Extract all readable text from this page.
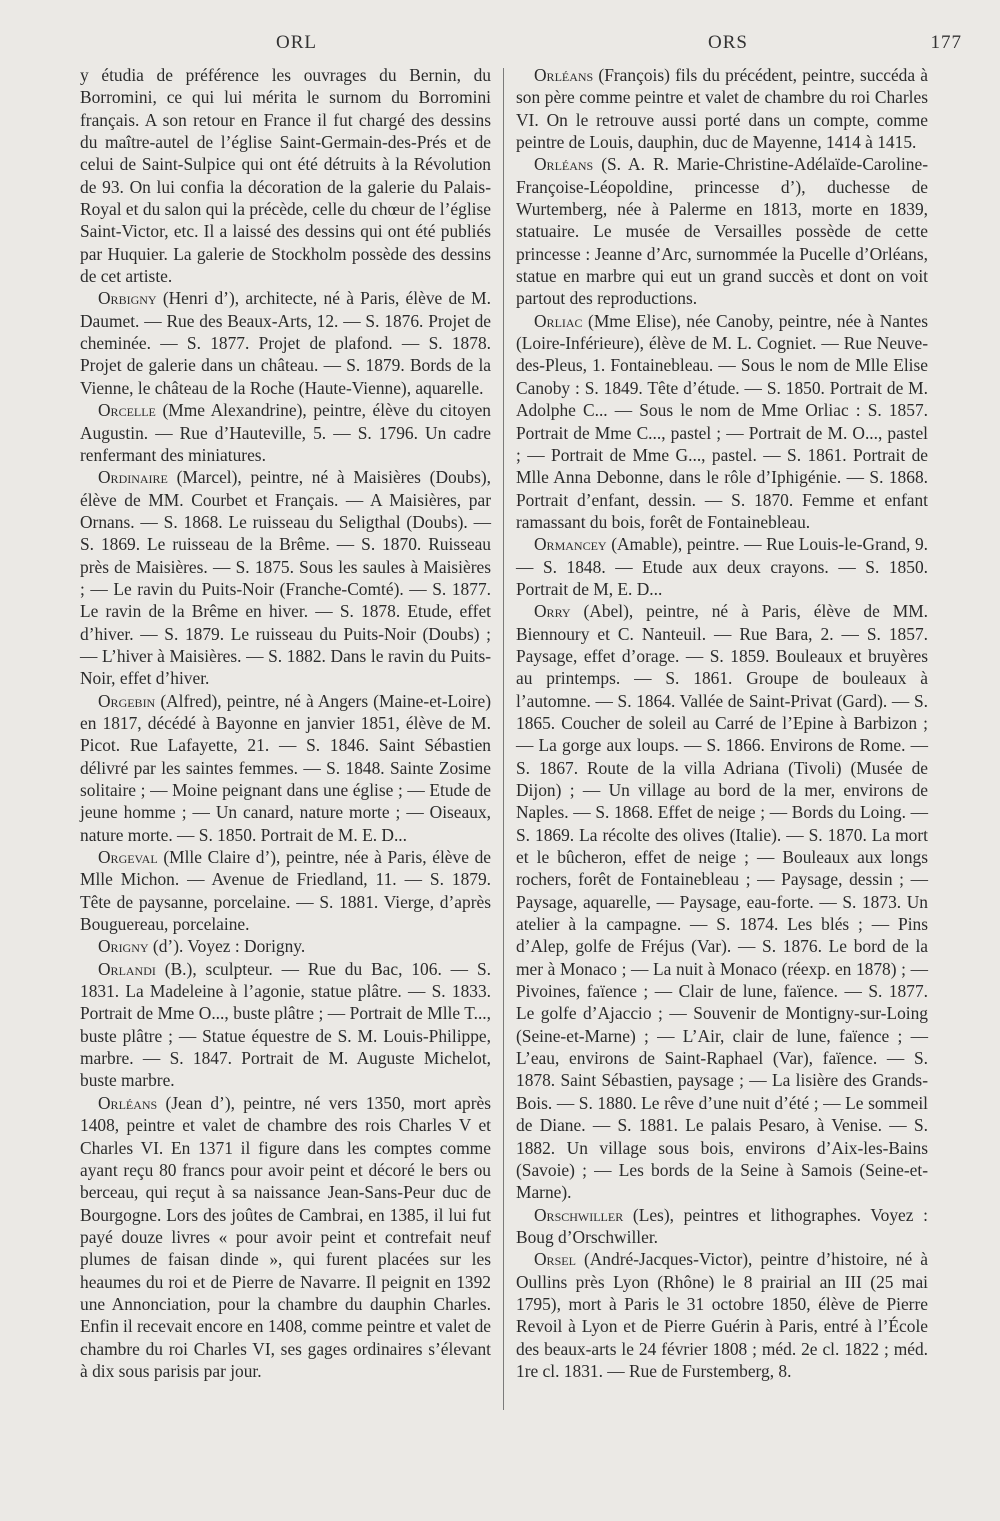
ORL	ORS	177

y étudia de préférence les ouvrages du Bernin, du Borromini, ce qui lui mérita le surnom du Borromini français. A son retour en France il fut chargé des dessins du maître-autel de l’église Saint-Germain-des-Prés et de celui de Saint-Sulpice qui ont été détruits à la Révolution de 93. On lui confia la décoration de la galerie du Palais-Royal et du salon qui la précède, celle du chœur de l’église Saint-Victor, etc. Il a laissé des dessins qui ont été publiés par Huquier. La galerie de Stockholm possède des dessins de cet artiste.

Orbigny (Henri d’), architecte, né à Paris, élève de M. Daumet. — Rue des Beaux-Arts, 12. — S. 1876. Projet de cheminée. — S. 1877. Projet de plafond. — S. 1878. Projet de galerie dans un château. — S. 1879. Bords de la Vienne, le château de la Roche (Haute-Vienne), aquarelle.

Orcelle (Mme Alexandrine), peintre, élève du citoyen Augustin. — Rue d’Hauteville, 5. — S. 1796. Un cadre renfermant des miniatures.

Ordinaire (Marcel), peintre, né à Maisières (Doubs), élève de MM. Courbet et Français. — A Maisières, par Ornans. — S. 1868. Le ruisseau du Seligthal (Doubs). — S. 1869. Le ruisseau de la Brême. — S. 1870. Ruisseau près de Maisières. — S. 1875. Sous les saules à Maisières ; — Le ravin du Puits-Noir (Franche-Comté). — S. 1877. Le ravin de la Brême en hiver. — S. 1878. Etude, effet d’hiver. — S. 1879. Le ruisseau du Puits-Noir (Doubs) ; — L’hiver à Maisières. — S. 1882. Dans le ravin du Puits-Noir, effet d’hiver.

Orgebin (Alfred), peintre, né à Angers (Maine-et-Loire) en 1817, décédé à Bayonne en janvier 1851, élève de M. Picot. Rue Lafayette, 21. — S. 1846. Saint Sébastien délivré par les saintes femmes. — S. 1848. Sainte Zosime solitaire ; — Moine peignant dans une église ; — Etude de jeune homme ; — Un canard, nature morte ; — Oiseaux, nature morte. — S. 1850. Portrait de M. E. D...

Orgeval (Mlle Claire d’), peintre, née à Paris, élève de Mlle Michon. — Avenue de Friedland, 11. — S. 1879. Tête de paysanne, porcelaine. — S. 1881. Vierge, d’après Bouguereau, porcelaine.

Origny (d’). Voyez : Dorigny.

Orlandi (B.), sculpteur. — Rue du Bac, 106. — S. 1831. La Madeleine à l’agonie, statue plâtre. — S. 1833. Portrait de Mme O..., buste plâtre ; — Portrait de Mlle T..., buste plâtre ; — Statue équestre de S. M. Louis-Philippe, marbre. — S. 1847. Portrait de M. Auguste Michelot, buste marbre.

Orléans (Jean d’), peintre, né vers 1350, mort après 1408, peintre et valet de chambre des rois Charles V et Charles VI. En 1371 il figure dans les comptes comme ayant reçu 80 francs pour avoir peint et décoré le bers ou berceau, qui reçut à sa naissance Jean-Sans-Peur duc de Bourgogne. Lors des joûtes de Cambrai, en 1385, il lui fut payé douze livres « pour avoir peint et contrefait neuf plumes de faisan dinde », qui furent placées sur les heaumes du roi et de Pierre de Navarre. Il peignit en 1392 une Annonciation, pour la chambre du dauphin Charles. Enfin il recevait encore en 1408, comme peintre et valet de chambre du roi Charles VI, ses gages ordinaires s’élevant à dix sous parisis par jour.

Orléans (François) fils du précédent, peintre, succéda à son père comme peintre et valet de chambre du roi Charles VI. On le retrouve aussi porté dans un compte, comme peintre de Louis, dauphin, duc de Mayenne, 1414 à 1415.

Orléans (S. A. R. Marie-Christine-Adélaïde-Caroline-Françoise-Léopoldine, princesse d’), duchesse de Wurtemberg, née à Palerme en 1813, morte en 1839, statuaire. Le musée de Versailles possède de cette princesse : Jeanne d’Arc, surnommée la Pucelle d’Orléans, statue en marbre qui eut un grand succès et dont on voit partout des reproductions.

Orliac (Mme Elise), née Canoby, peintre, née à Nantes (Loire-Inférieure), élève de M. L. Cogniet. — Rue Neuve-des-Pleus, 1. Fontainebleau. — Sous le nom de Mlle Elise Canoby : S. 1849. Tête d’étude. — S. 1850. Portrait de M. Adolphe C... — Sous le nom de Mme Orliac : S. 1857. Portrait de Mme C..., pastel ; — Portrait de M. O..., pastel ; — Portrait de Mme G..., pastel. — S. 1861. Portrait de Mlle Anna Debonne, dans le rôle d’Iphigénie. — S. 1868. Portrait d’enfant, dessin. — S. 1870. Femme et enfant ramassant du bois, forêt de Fontainebleau.

Ormancey (Amable), peintre. — Rue Louis-le-Grand, 9. — S. 1848. — Etude aux deux crayons. — S. 1850. Portrait de M, E. D...

Orry (Abel), peintre, né à Paris, élève de MM. Biennoury et C. Nanteuil. — Rue Bara, 2. — S. 1857. Paysage, effet d’orage. — S. 1859. Bouleaux et bruyères au printemps. — S. 1861. Groupe de bouleaux à l’automne. — S. 1864. Vallée de Saint-Privat (Gard). — S. 1865. Coucher de soleil au Carré de l’Epine à Barbizon ; — La gorge aux loups. — S. 1866. Environs de Rome. — S. 1867. Route de la villa Adriana (Tivoli) (Musée de Dijon) ; — Un village au bord de la mer, environs de Naples. — S. 1868. Effet de neige ; — Bords du Loing. — S. 1869. La récolte des olives (Italie). — S. 1870. La mort et le bûcheron, effet de neige ; — Bouleaux aux longs rochers, forêt de Fontainebleau ; — Paysage, dessin ; — Paysage, aquarelle, — Paysage, eau-forte. — S. 1873. Un atelier à la campagne. — S. 1874. Les blés ; — Pins d’Alep, golfe de Fréjus (Var). — S. 1876. Le bord de la mer à Monaco ; — La nuit à Monaco (réexp. en 1878) ; — Pivoines, faïence ; — Clair de lune, faïence. — S. 1877. Le golfe d’Ajaccio ; — Souvenir de Montigny-sur-Loing (Seine-et-Marne) ; — L’Air, clair de lune, faïence ; — L’eau, environs de Saint-Raphael (Var), faïence. — S. 1878. Saint Sébastien, paysage ; — La lisière des Grands-Bois. — S. 1880. Le rêve d’une nuit d’été ; — Le sommeil de Diane. — S. 1881. Le palais Pesaro, à Venise. — S. 1882. Un village sous bois, environs d’Aix-les-Bains (Savoie) ; — Les bords de la Seine à Samois (Seine-et-Marne).

Orschwiller (Les), peintres et lithographes. Voyez : Boug d’Orschwiller.

Orsel (André-Jacques-Victor), peintre d’histoire, né à Oullins près Lyon (Rhône) le 8 prairial an III (25 mai 1795), mort à Paris le 31 octobre 1850, élève de Pierre Revoil à Lyon et de Pierre Guérin à Paris, entré à l’École des beaux-arts le 24 février 1808 ; méd. 2e cl. 1822 ; méd. 1re cl. 1831. — Rue de Furstemberg, 8.
